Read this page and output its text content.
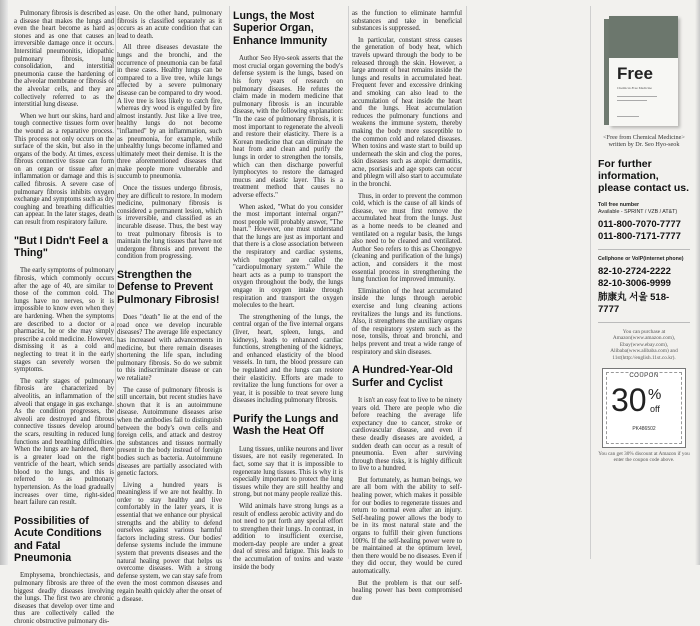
Pulmonary fibrosis is described as a disease that makes the lungs and even the heart become as hard as stones and as one that causes an irreversible damage once it occurs. Interstitial pneumonitis, idiopathic pulmonary fibrosis, lung consolidation, and interstitial pneumonia cause the hardening of the alveolar membrane or fibrosis of the alveolar cells, and they are collectively referred to as the interstitial lung disease.

When we hurt our skins, hard and tough connective tissues form over the wound as a reparative process. This process not only occurs on the surface of the skin, but also in the organs of the body. At times, excess fibrous connective tissue can form on an organ or tissue after an inflammation or damage and this is called fibrosis. A severe case of pulmonary fibrosis inhibits oxygen exchange and symptoms such as dry coughing and breathing difficulties can appear. In the later stages, death can result from respiratory failure.

"But I Didn't Feel a Thing"

The early symptoms of pulmonary fibrosis, which commonly occurs after the age of 40, are similar to those of the common cold. The lungs have no nerves, so it is impossible to know even when they are hardening. When the symptoms are described to a doctor or a pharmacist, he or she may simply prescribe a cold medicine. However, dismissing it as a cold and neglecting to treat it in the early stages can severely worsen the symptoms.

The early stages of pulmonary fibrosis are characterized by alveolitis, an inflammation of the alveoli that engage in gas exchange. As the condition progresses, the alveoli are destroyed and fibrous connective tissues develop around the scars, resulting in reduced lung functions and breathing difficulties. When the lungs are hardened, there is a greater load on the right ventricle of the heart, which sends blood to the lungs, and this is referred to as pulmonary hypertension. As the load gradually increases over time, right-sided heart failure can result.

Possibilities of Acute Conditions and Fatal Pneumonia

Emphysema, bronchiectasis, and pulmonary fibrosis are three of the biggest deadly diseases involving the lungs. The first two are chronic diseases that develop over time and thus are collectively called the chronic obstructive pulmonary dis-

ease. On the other hand, pulmonary fibrosis is classified separately as it occurs as an acute condition that can lead to death.

All three diseases devastate the lungs and the bronchi, and the occurrence of pneumonia can be fatal in these cases. Healthy lungs can be compared to a live tree, while lungs affected by a severe pulmonary disease can be compared to dry wood. A live tree is less likely to catch fire, whereas dry wood is engulfed by fire almost instantly. Just like a live tree, healthy lungs do not become "inflamed" by an inflammation, such as pneumonia, for example, while unhealthy lungs become inflamed and ultimately meet their demise. It is the three aforementioned diseases that make people more vulnerable and succumb to pneumonia.

Once the tissues undergo fibrosis, they are difficult to restore. In modern medicine, pulmonary fibrosis is considered a permanent lesion, which is irreversible, and classified as an incurable disease. Thus, the best way to treat pulmonary fibrosis is to maintain the lung tissues that have not undergone fibrosis and prevent the condition from progressing.

Strengthen the Defense to Prevent Pulmonary Fibrosis!

Does "death" lie at the end of the road once we develop incurable diseases? The average life expectancy has increased with advancements in medicine, but there remain diseases shortening the life span, including pulmonary fibrosis. So do we submit to this indiscriminate disease or can we retaliate?

The cause of pulmonary fibrosis is still uncertain, but recent studies have shown that it is an autoimmune disease. Autoimmune diseases arise when the antibodies fail to distinguish between the body's own cells and foreign cells, and attack and destroy the substances and tissues normally present in the body instead of foreign bodies such as bacteria. Autoimmune diseases are partially associated with genetic factors.

Living a hundred years is meaningless if we are not healthy. In order to stay healthy and live comfortably in the later years, it is essential that we enhance our physical strengths and the ability to defend ourselves against various harmful factors including stress. Our bodies' defense systems include the immune system that prevents diseases and the natural healing power that helps us overcome diseases. With a strong defense system, we can stay safe from even the most common diseases and regain health quickly after the onset of a disease.

Lungs, the Most Superior Organ, Enhance Immunity

Author Seo Hyo-seok asserts that the most crucial organ governing the body's defense system is the lungs, based on his forty years of research on pulmonary diseases. He refutes the claim made in modern medicine that pulmonary fibrosis is an incurable disease, with the following explanation: "In the case of pulmonary fibrosis, it is most important to regenerate the alveoli and restore their elasticity. There is a Korean medicine that can eliminate the heat from and clean and purify the lungs in order to strengthen the tonsils, which can then discharge powerful lymphocytes to restore the damaged mucus and elastic layer. This is a treatment method that causes no adverse effects."

When asked, "What do you consider the most important internal organ?" most people will probably answer, "The heart." However, one must understand that the lungs are just as important and that there is a close association between the respiratory and cardiac systems, which together are called the "cardiopulmonary system." While the heart acts as a pump to transport the oxygen throughout the body, the lungs engage in oxygen intake through respiration and transport the oxygen molecules to the heart.

The strengthening of the lungs, the central organ of the five internal organs (liver, heart, spleen, lungs, and kidneys), leads to enhanced cardiac functions, strengthening of the kidneys, and enhanced elasticity of the blood vessels. In turn, the blood pressure can be regulated and the lungs can restore their elasticity. Efforts are made to revitalize the lung functions for over a year, it is possible to treat severe lung diseases including pulmonary fibrosis.

Purify the Lungs and Wash the Heat Off

Lung tissues, unlike neurons and liver tissues, are not easily regenerated. In fact, some say that it is impossible to regenerate lung tissues. This is why it is especially important to protect the lung tissues while they are still healthy and strong, but not many people realize this.

Wild animals have strong lungs as a result of endless aerobic activity and do not need to put forth any special effort to strengthen their lungs. In contrast, in addition to insufficient exercise, modern-day people are under a great deal of stress and fatigue. This leads to the accumulation of toxins and waste inside the body

as the function to eliminate harmful substances and take in beneficial substances is suppressed.

In particular, constant stress causes the generation of body heat, which travels upward through the body to be released through the skin. However, a large amount of heat remains inside the lungs and results in accumulated heat. Frequent fever and excessive drinking and smoking can also lead to the accumulation of heat inside the heart and the lungs. Heat accumulation reduces the pulmonary functions and weakens the immune system, thereby making the body more susceptible to the common cold and related diseases. When toxins and waste start to build up underneath the skin and clog the pores, skin diseases such as atopic dermatitis, acne, psoriasis and age spots can occur and phlegm will also start to accumulate in the bronchi.

Thus, in order to prevent the common cold, which is the cause of all kinds of disease, we must first remove the accumulated heat from the lungs. Just as a home needs to be cleaned and ventilated on a regular basis, the lungs also need to be cleaned and ventilated. Author Seo refers to this as Cheongpye (cleaning and purification of the lungs) action, and considers it the most essential process in strengthening the lung function for improved immunity.

Elimination of the heat accumulated inside the lungs through aerobic exercise and lung cleaning actions revitalizes the lungs and its functions. Also, it strengthens the auxiliary organs of the respiratory system such as the nose, tonsils, throat and bronchi, and helps prevent and treat a wide range of respiratory and skin diseases.

A Hundred-Year-Old Surfer and Cyclist

It isn't an easy feat to live to be ninety years old. There are people who die before reaching the average life expectancy due to cancer, stroke or cardiovascular disease, and even if these deadly diseases are avoided, a sudden death can occur as a result of pneumonia. Even after surviving through these risks, it is highly difficult to live to a hundred.

But fortunately, as human beings, we are all born with the ability to self-healing power, which makes it possible for our bodies to regenerate tissues and return to normal even after an injury. Self-healing power allows the body to be in its most natural state and the organs to fulfill their given functions 100%. If the self-healing power were to be maintained at the optimum level, then there would be no diseases. Even if they did occur, they would be cured automatically.

But the problem is that our self-healing power has been compromised due

Free
Chemical-Free Medicine
<Free from Chemical Medicine> written by Dr. Seo Hyo-seok
For further information, please contact us.
Toll free number
Available - SPRINT / VZB / AT&T)
011-800-7070-7777
011-800-7171-7777
Cellphone or VoIP(internet phone)
82-10-2724-2222
82-10-3006-9999
肺康丸 서울 518-7777
You can purchase at Amazon(www.amazon.com), Ebay(www.ebay.com), Alibaba(www.alibaba.com) and 11st(http://english.11st.co.kr).
COUPON
30 %
off
PK486502
You can get 30% discount at Amazon if you enter the coupon code above.
